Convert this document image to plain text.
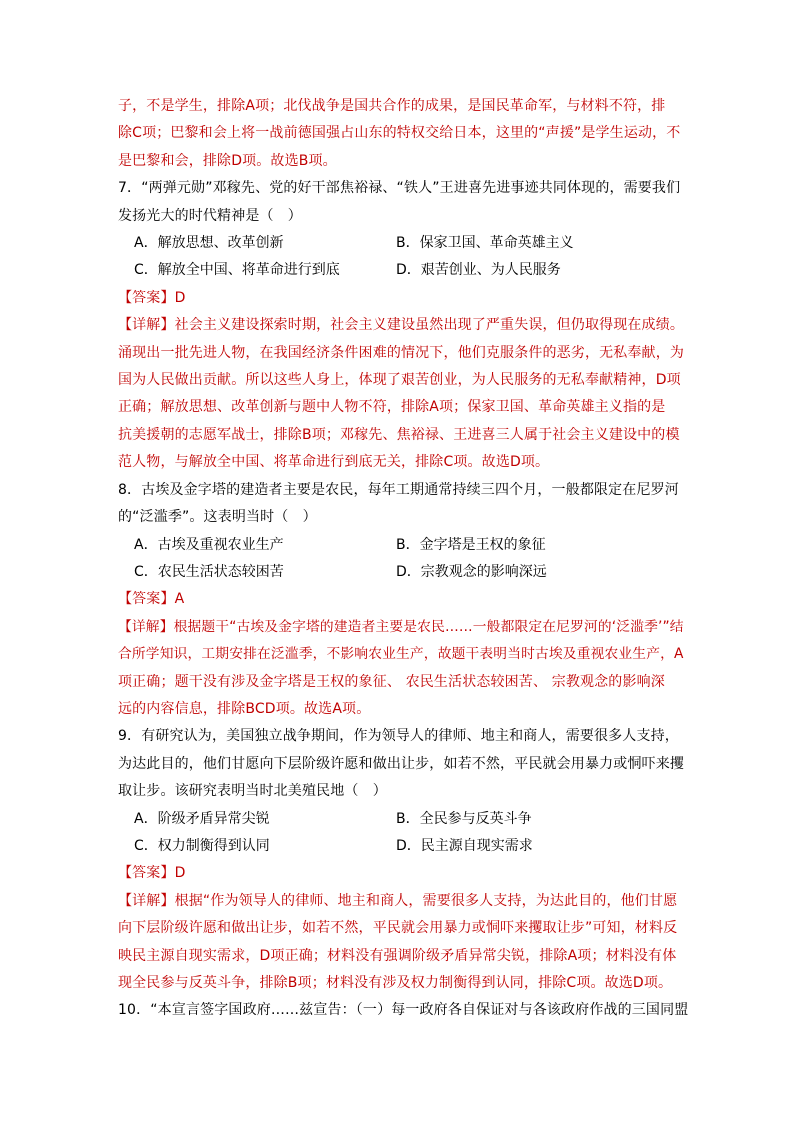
子，不是学生，排除A项；北伐战争是国共合作的成果，是国民革命军，与材料不符，排
除C项；巴黎和会上将一战前德国强占山东的特权交给日本，这里的“声援”是学生运动，不
是巴黎和会，排除D项。故选B项。
7．“两弹元勋”邓稼先、党的好干部焦裕禄、“铁人”王进喜先进事迹共同体现的，需要我们
发扬光大的时代精神是（　）
A．解放思想、改革创新	B．保家卫国、革命英雄主义
C．解放全中国、将革命进行到底	D．艰苦创业、为人民服务
【答案】D
【详解】社会主义建设探索时期，社会主义建设虽然出现了严重失误，但仍取得现在成绩。
涌现出一批先进人物，在我国经济条件困难的情况下，他们克服条件的恶劣，无私奉献，为
国为人民做出贡献。所以这些人身上，体现了艰苦创业，为人民服务的无私奉献精神，D项
正确；解放思想、改革创新与题中人物不符，排除A项；保家卫国、革命英雄主义指的是
抗美援朝的志愿军战士，排除B项；邓稼先、焦裕禄、王进喜三人属于社会主义建设中的模
范人物，与解放全中国、将革命进行到底无关，排除C项。故选D项。
8．古埃及金字塔的建造者主要是农民，每年工期通常持续三四个月，一般都限定在尼罗河
的“泛滥季”。这表明当时（　）
A．古埃及重视农业生产	B．金字塔是王权的象征
C．农民生活状态较困苦	D．宗教观念的影响深远
【答案】A
【详解】根据题干“古埃及金字塔的建造者主要是农民……一般都限定在尼罗河的‘泛滥季’”结
合所学知识，工期安排在泛滥季，不影响农业生产，故题干表明当时古埃及重视农业生产，A
项正确；题干没有涉及金字塔是王权的象征、 农民生活状态较困苦、 宗教观念的影响深
远的内容信息，排除BCD项。故选A项。
9．有研究认为，美国独立战争期间，作为领导人的律师、地主和商人，需要很多人支持，
为达此目的，他们甘愿向下层阶级许愿和做出让步，如若不然，平民就会用暴力或恫吓来攫
取让步。该研究表明当时北美殖民地（　）
A．阶级矛盾异常尖锐	B．全民参与反英斗争
C．权力制衡得到认同	D．民主源自现实需求
【答案】D
【详解】根据“作为领导人的律师、地主和商人，需要很多人支持，为达此目的，他们甘愿
向下层阶级许愿和做出让步，如若不然，平民就会用暴力或恫吓来攫取让步”可知，材料反
映民主源自现实需求，D项正确；材料没有强调阶级矛盾异常尖锐，排除A项；材料没有体
现全民参与反英斗争，排除B项；材料没有涉及权力制衡得到认同，排除C项。故选D项。
10．“本宣言签字国政府……兹宣告：（一）每一政府各自保证对与各该政府作战的三国同盟
